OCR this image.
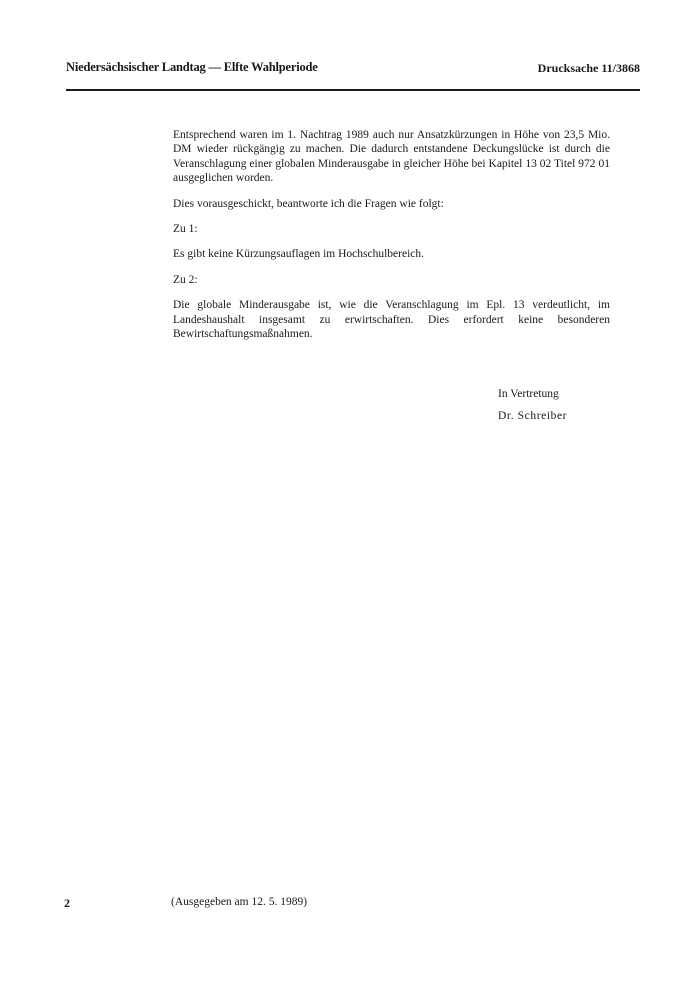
Niedersächsischer Landtag — Elfte Wahlperiode	Drucksache 11/3868

Entsprechend waren im 1. Nachtrag 1989 auch nur Ansatzkürzungen in Höhe von 23,5 Mio. DM wieder rückgängig zu machen. Die dadurch entstandene Deckungslücke ist durch die Veranschlagung einer globalen Minderausgabe in gleicher Höhe bei Kapitel 13 02 Titel 972 01 ausgeglichen worden.

Dies vorausgeschickt, beantworte ich die Fragen wie folgt:

Zu 1:

Es gibt keine Kürzungsauflagen im Hochschulbereich.

Zu 2:

Die globale Minderausgabe ist, wie die Veranschlagung im Epl. 13 verdeutlicht, im Landeshaushalt insgesamt zu erwirtschaften. Dies erfordert keine besonderen Bewirtschaftungsmaßnahmen.

In Vertretung
Dr. Schreiber
2	(Ausgegeben am 12. 5. 1989)
